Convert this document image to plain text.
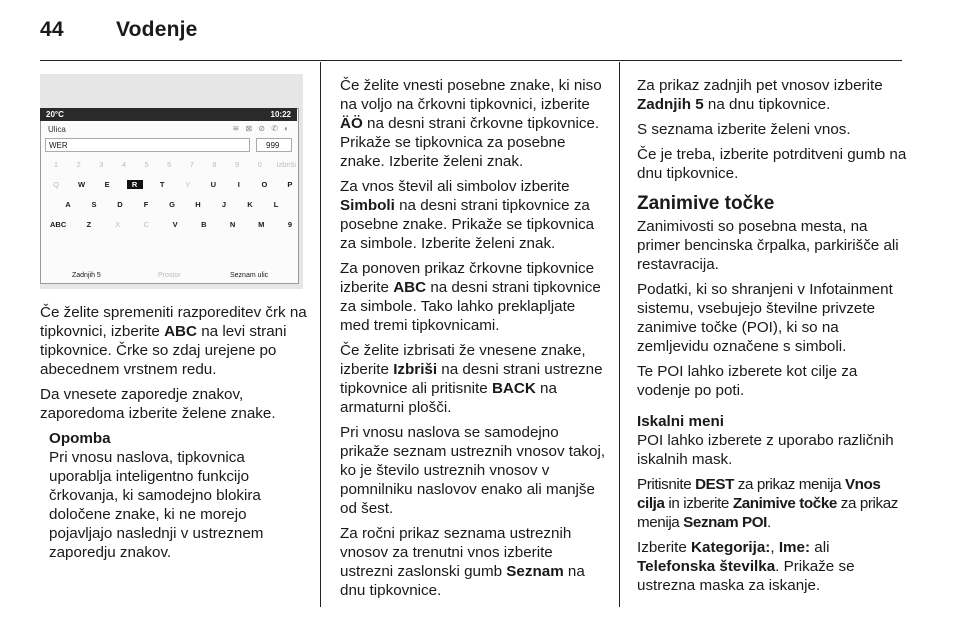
44 Vodenje
20°C	10:22
Ulica	≋ ⊠ ⊘ ✆ ◐
WER	999
1	2	3	4	5	6	7	8	9	0	Izbriši
Q	W	E	R	T	Y	U	I	O	P
A	S	D	F	G	H	J	K	L
ABC	Z	X	C	V	B	N	M	9
Zadnjih 5	Prostor	Seznam ulic

Če želite spremeniti razporeditev črk na tipkovnici, izberite ABC na levi strani tipkovnice. Črke so zdaj urejene po abecednem vrstnem redu.

Da vnesete zaporedje znakov, zaporedoma izberite želene znake.

Opomba
Pri vnosu naslova, tipkovnica uporablja inteligentno funkcijo črkovanja, ki samodejno blokira določene znake, ki ne morejo pojavljajo naslednji v ustreznem zaporedju znakov.

Če želite vnesti posebne znake, ki niso na voljo na črkovni tipkovnici, izberite ÄÖ na desni strani črkovne tipkovnice. Prikaže se tipkovnica za posebne znake. Izberite želeni znak.

Za vnos števil ali simbolov izberite Simboli na desni strani tipkovnice za posebne znake. Prikaže se tipkovnica za simbole. Izberite želeni znak.

Za ponoven prikaz črkovne tipkovnice izberite ABC na desni strani tipkovnice za simbole. Tako lahko preklapljate med tremi tipkovnicami.

Če želite izbrisati že vnesene znake, izberite Izbriši na desni strani ustrezne tipkovnice ali pritisnite BACK na armaturni plošči.

Pri vnosu naslova se samodejno prikaže seznam ustreznih vnosov takoj, ko je število ustreznih vnosov v pomnilniku naslovov enako ali manjše od šest.

Za ročni prikaz seznama ustreznih vnosov za trenutni vnos izberite ustrezni zaslonski gumb Seznam na dnu tipkovnice.

Za prikaz zadnjih pet vnosov izberite Zadnjih 5 na dnu tipkovnice.

S seznama izberite želeni vnos.

Če je treba, izberite potrditveni gumb na dnu tipkovnice.

Zanimive točke

Zanimivosti so posebna mesta, na primer bencinska črpalka, parkirišče ali restavracija.

Podatki, ki so shranjeni v Infotainment sistemu, vsebujejo številne privzete zanimive točke (POI), ki so na zemljevidu označene s simboli.

Te POI lahko izberete kot cilje za vodenje po poti.

Iskalni meni

POI lahko izberete z uporabo različnih iskalnih mask.

Pritisnite DEST za prikaz menija Vnos cilja in izberite Zanimive točke za prikaz menija Seznam POI.

Izberite Kategorija:, Ime: ali Telefonska številka. Prikaže se ustrezna maska za iskanje.
